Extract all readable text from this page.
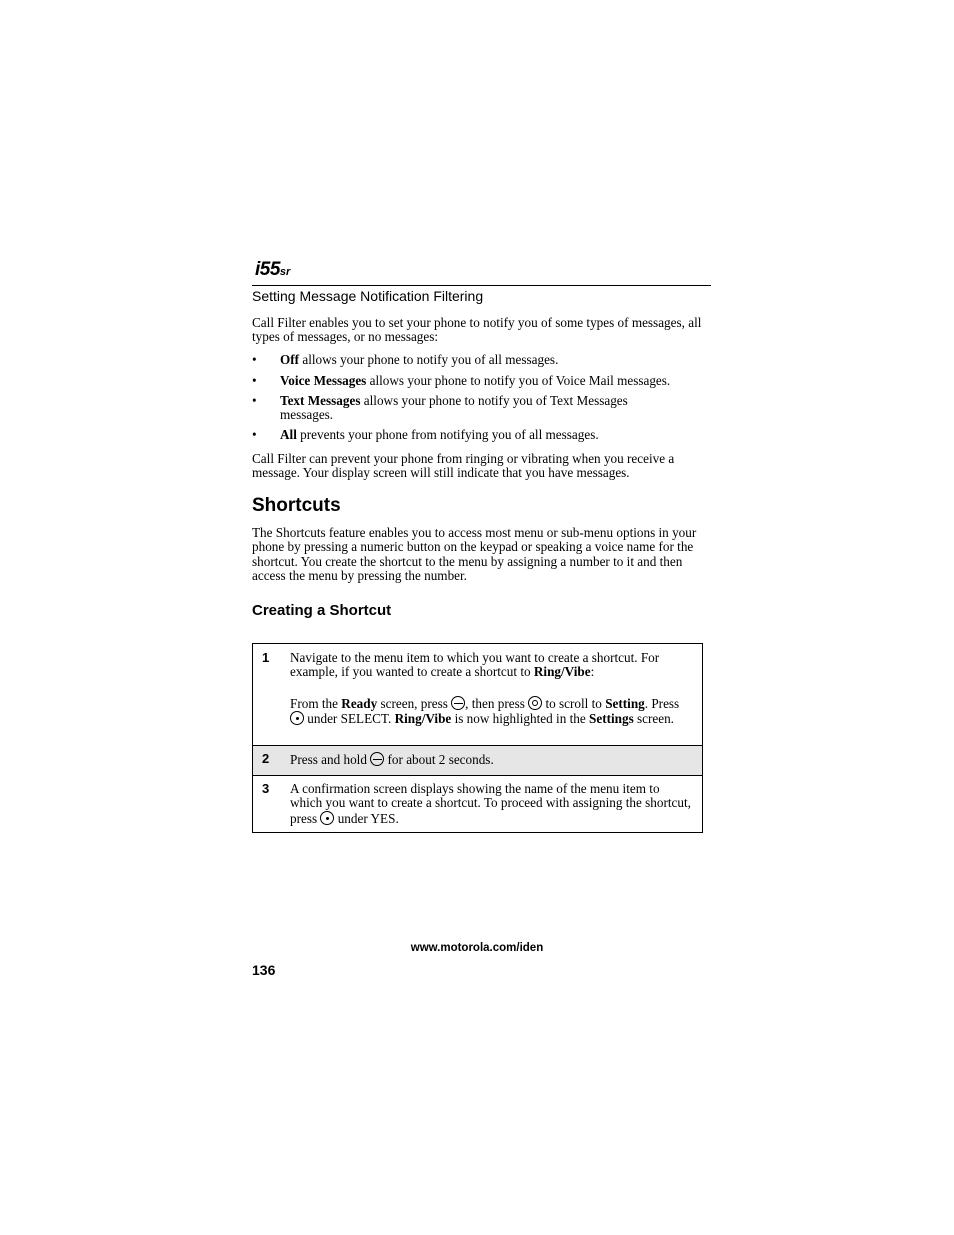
i55sr
Setting Message Notification Filtering
Call Filter enables you to set your phone to notify you of some types of messages, all types of messages, or no messages:
• Off allows your phone to notify you of all messages.
• Voice Messages allows your phone to notify you of Voice Mail messages.
• Text Messages allows your phone to notify you of Text Messages messages.
• All prevents your phone from notifying you of all messages.
Call Filter can prevent your phone from ringing or vibrating when you receive a message. Your display screen will still indicate that you have messages.
Shortcuts
The Shortcuts feature enables you to access most menu or sub-menu options in your phone by pressing a numeric button on the keypad or speaking a voice name for the shortcut. You create the shortcut to the menu by assigning a number to it and then access the menu by pressing the number.
Creating a Shortcut
1 Navigate to the menu item to which you want to create a shortcut. For example, if you wanted to create a shortcut to Ring/Vibe:
From the Ready screen, press , then press  to scroll to Setting. Press  under SELECT. Ring/Vibe is now highlighted in the Settings screen.
2 Press and hold  for about 2 seconds.
3 A confirmation screen displays showing the name of the menu item to which you want to create a shortcut. To proceed with assigning the shortcut, press  under YES.
www.motorola.com/iden
136
